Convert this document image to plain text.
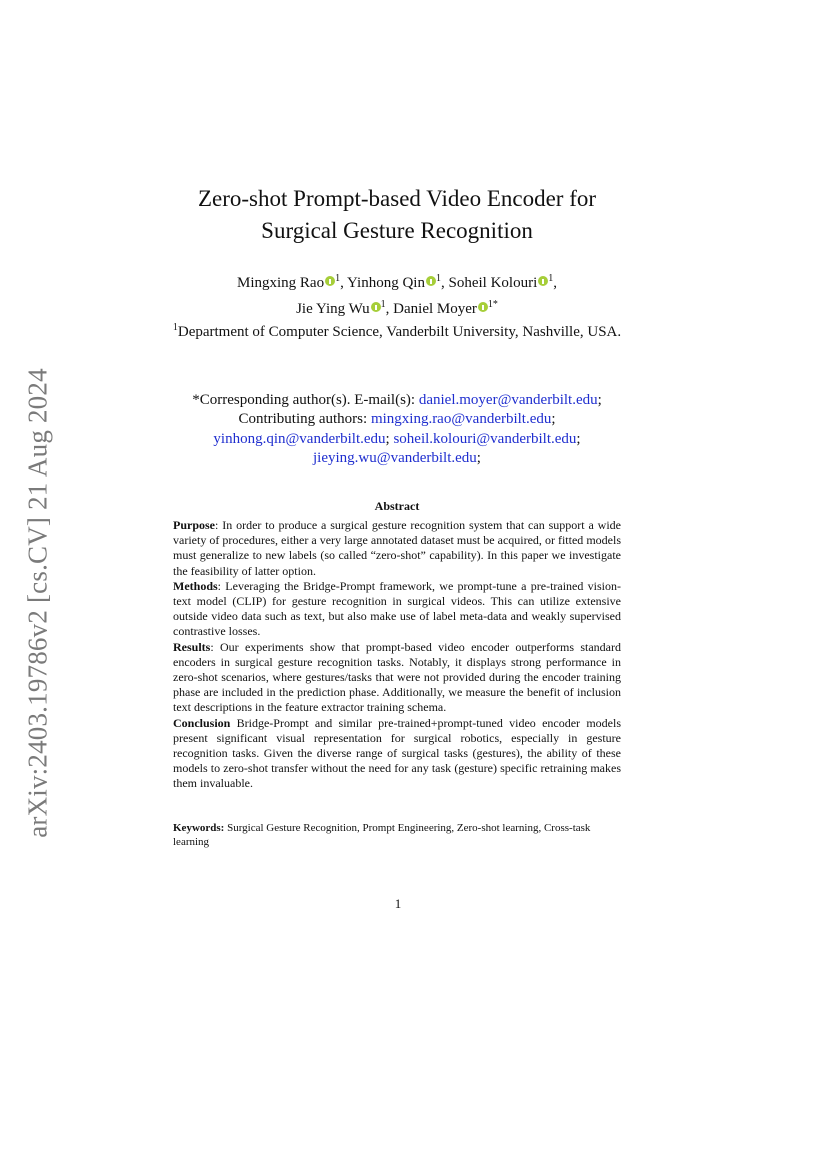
arXiv:2403.19786v2 [cs.CV] 21 Aug 2024
Zero-shot Prompt-based Video Encoder for
Surgical Gesture Recognition
Mingxing Rao $^1$, Yinhong Qin $^1$, Soheil Kolouri $^1$,
Jie Ying Wu $^1$, Daniel Moyer $^{1*}$
$^1$Department of Computer Science, Vanderbilt University, Nashville, USA.
*Corresponding author(s). E-mail(s): daniel.moyer@vanderbilt.edu;
Contributing authors: mingxing.rao@vanderbilt.edu;
yinhong.qin@vanderbilt.edu; soheil.kolouri@vanderbilt.edu;
jieying.wu@vanderbilt.edu;
Abstract

Purpose: In order to produce a surgical gesture recognition system that can support a wide variety of procedures, either a very large annotated dataset must be acquired, or fitted models must generalize to new labels (so called “zero-shot” capability). In this paper we investigate the feasibility of latter option.

Methods: Leveraging the Bridge-Prompt framework, we prompt-tune a pre-trained vision-text model (CLIP) for gesture recognition in surgical videos. This can utilize extensive outside video data such as text, but also make use of label meta-data and weakly supervised contrastive losses.

Results: Our experiments show that prompt-based video encoder outperforms standard encoders in surgical gesture recognition tasks. Notably, it displays strong performance in zero-shot scenarios, where gestures/tasks that were not provided during the encoder training phase are included in the prediction phase. Additionally, we measure the benefit of inclusion text descriptions in the feature extractor training schema.

Conclusion Bridge-Prompt and similar pre-trained+prompt-tuned video encoder models present significant visual representation for surgical robotics, especially in gesture recognition tasks. Given the diverse range of surgical tasks (gestures), the ability of these models to zero-shot transfer without the need for any task (gesture) specific retraining makes them invaluable.

Keywords: Surgical Gesture Recognition, Prompt Engineering, Zero-shot learning, Cross-task learning
1
